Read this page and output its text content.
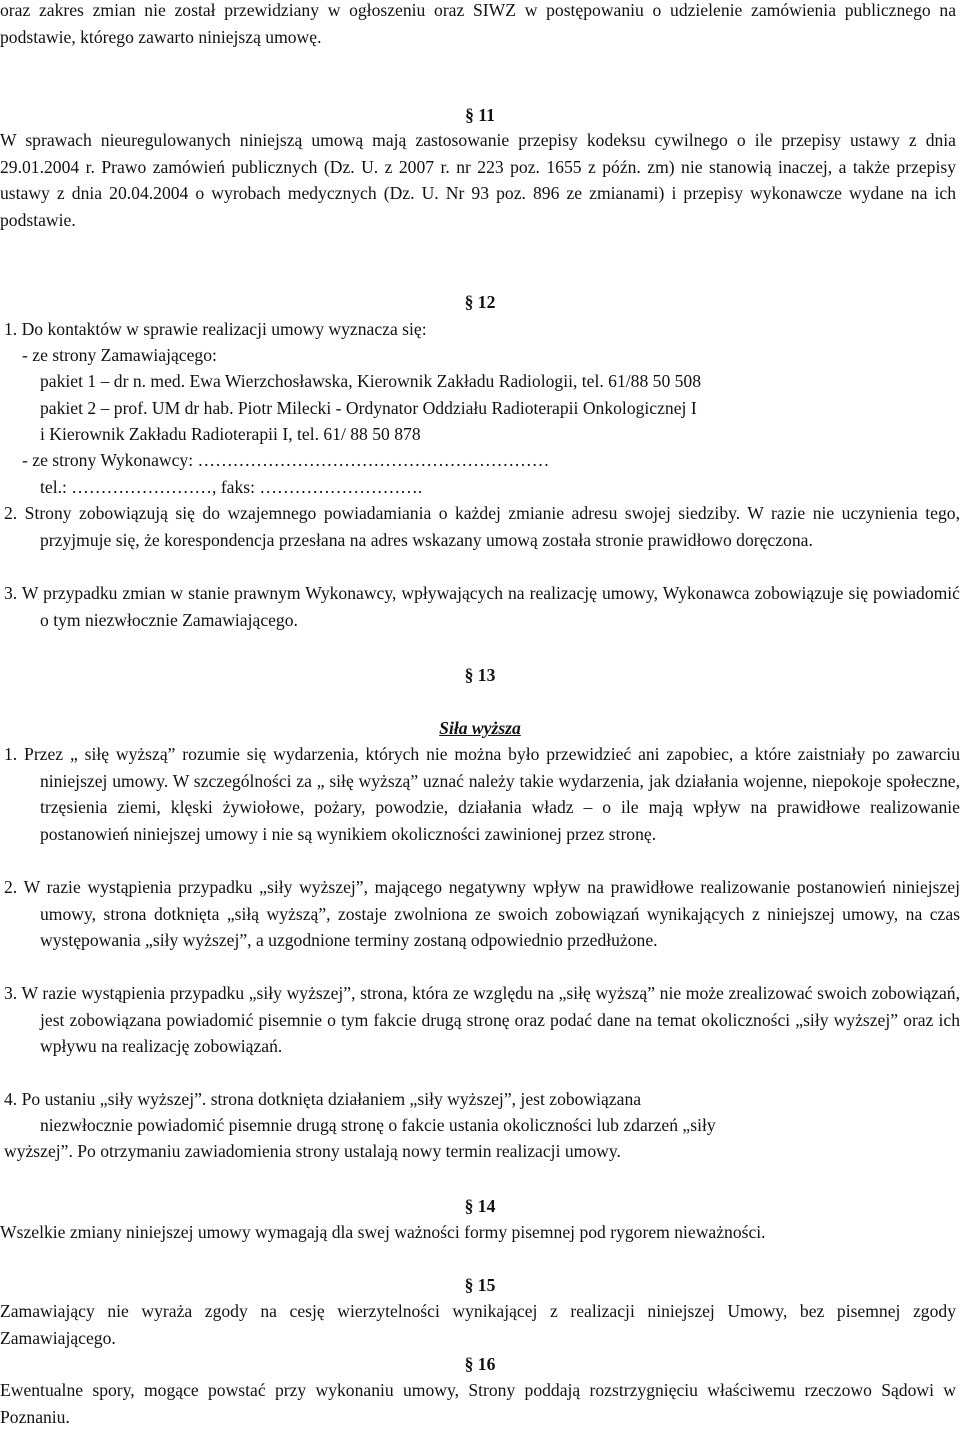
oraz zakres zmian nie został przewidziany w ogłoszeniu oraz SIWZ w postępowaniu o udzielenie zamówienia publicznego na podstawie, którego zawarto niniejszą umowę.

§ 11

W sprawach nieuregulowanych niniejszą umową mają zastosowanie przepisy kodeksu cywilnego o ile przepisy ustawy z dnia 29.01.2004 r. Prawo zamówień publicznych (Dz. U. z 2007 r. nr 223 poz. 1655 z późn. zm) nie stanowią inaczej, a także przepisy ustawy z dnia 20.04.2004 o wyrobach medycznych (Dz. U. Nr 93 poz. 896 ze zmianami) i przepisy wykonawcze wydane na ich podstawie.

§ 12

1. Do kontaktów w sprawie realizacji umowy wyznacza się:

- ze strony Zamawiającego:

pakiet 1 – dr n. med. Ewa Wierzchosławska, Kierownik Zakładu Radiologii, tel. 61/88 50 508

pakiet 2 – prof. UM dr hab. Piotr Milecki - Ordynator Oddziału Radioterapii Onkologicznej I

i Kierownik Zakładu Radioterapii I, tel. 61/ 88 50 878

- ze strony Wykonawcy: ……………………………………………………

tel.: ……………………, faks: ……………………….

2. Strony zobowiązują się do wzajemnego powiadamiania o każdej zmianie adresu swojej siedziby. W razie nie uczynienia tego, przyjmuje się, że korespondencja przesłana na adres wskazany umową została stronie prawidłowo doręczona.

3. W przypadku zmian w stanie prawnym Wykonawcy, wpływających na realizację umowy, Wykonawca zobowiązuje się powiadomić o tym niezwłocznie Zamawiającego.

§ 13

Siła wyższa

1. Przez „ siłę wyższą” rozumie się wydarzenia, których nie można było przewidzieć ani zapobiec, a które zaistniały po zawarciu niniejszej umowy. W szczególności za „ siłę wyższą” uznać należy takie wydarzenia, jak działania wojenne, niepokoje społeczne, trzęsienia ziemi, klęski żywiołowe, pożary, powodzie, działania władz – o ile mają wpływ na prawidłowe realizowanie postanowień niniejszej umowy i nie są wynikiem okoliczności zawinionej przez stronę.

2. W razie wystąpienia przypadku „siły wyższej”, mającego negatywny wpływ na prawidłowe realizowanie postanowień niniejszej umowy, strona dotknięta „siłą wyższą”, zostaje zwolniona ze swoich zobowiązań wynikających z niniejszej umowy, na czas występowania „siły wyższej”, a uzgodnione terminy zostaną odpowiednio przedłużone.

3. W razie wystąpienia przypadku „siły wyższej”, strona, która ze względu na „siłę wyższą” nie może zrealizować swoich zobowiązań, jest zobowiązana powiadomić pisemnie o tym fakcie drugą stronę oraz podać dane na temat okoliczności „siły wyższej” oraz ich wpływu na realizację zobowiązań.

4. Po ustaniu „siły wyższej”. strona dotknięta działaniem „siły wyższej”, jest zobowiązana

niezwłocznie powiadomić pisemnie drugą stronę o fakcie ustania okoliczności lub zdarzeń „siły

wyższej”. Po otrzymaniu zawiadomienia strony ustalają nowy termin realizacji umowy.

§ 14

Wszelkie zmiany niniejszej umowy wymagają dla swej ważności formy pisemnej pod rygorem nieważności.

§ 15

Zamawiający nie wyraża zgody na cesję wierzytelności wynikającej z realizacji niniejszej Umowy, bez pisemnej zgody Zamawiającego.

§ 16

Ewentualne spory, mogące powstać przy wykonaniu umowy, Strony poddają rozstrzygnięciu właściwemu rzeczowo Sądowi w Poznaniu.
